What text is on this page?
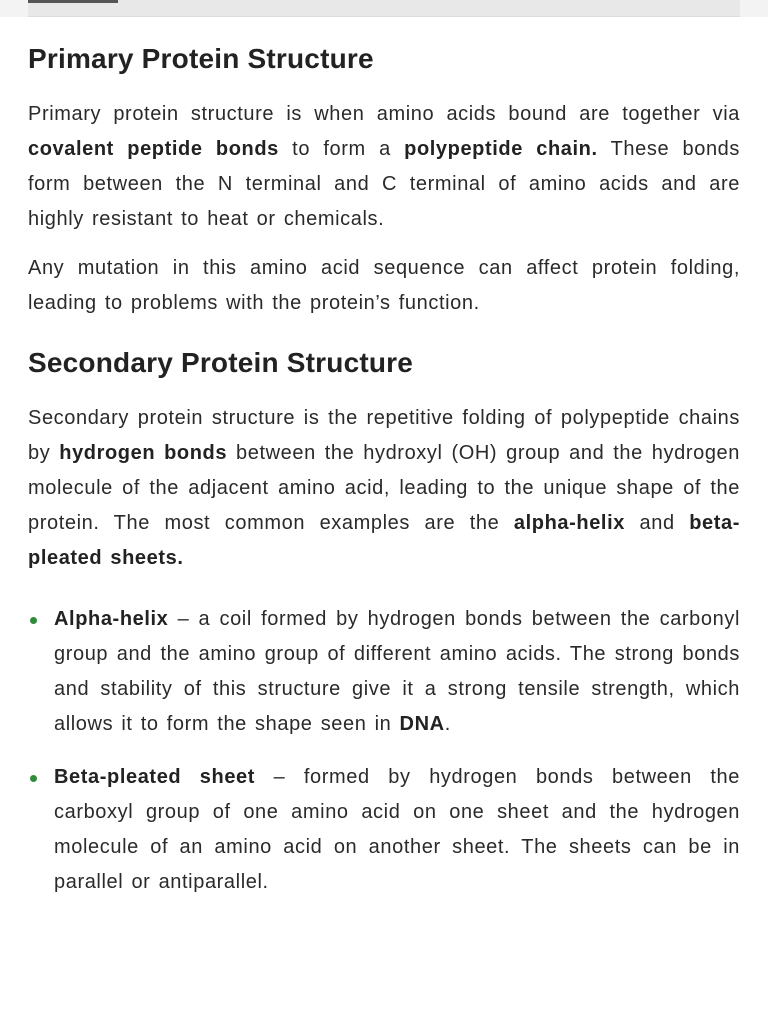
Primary Protein Structure

Primary protein structure is when amino acids bound are together via covalent peptide bonds to form a polypeptide chain. These bonds form between the N terminal and C terminal of amino acids and are highly resistant to heat or chemicals.

Any mutation in this amino acid sequence can affect protein folding, leading to problems with the protein’s function.

Secondary Protein Structure

Secondary protein structure is the repetitive folding of polypeptide chains by hydrogen bonds between the hydroxyl (OH) group and the hydrogen molecule of the adjacent amino acid, leading to the unique shape of the protein. The most common examples are the alpha-helix and beta-pleated sheets.

Alpha-helix – a coil formed by hydrogen bonds between the carbonyl group and the amino group of different amino acids. The strong bonds and stability of this structure give it a strong tensile strength, which allows it to form the shape seen in DNA.
Beta-pleated sheet – formed by hydrogen bonds between the carboxyl group of one amino acid on one sheet and the hydrogen molecule of an amino acid on another sheet. The sheets can be in parallel or antiparallel.
